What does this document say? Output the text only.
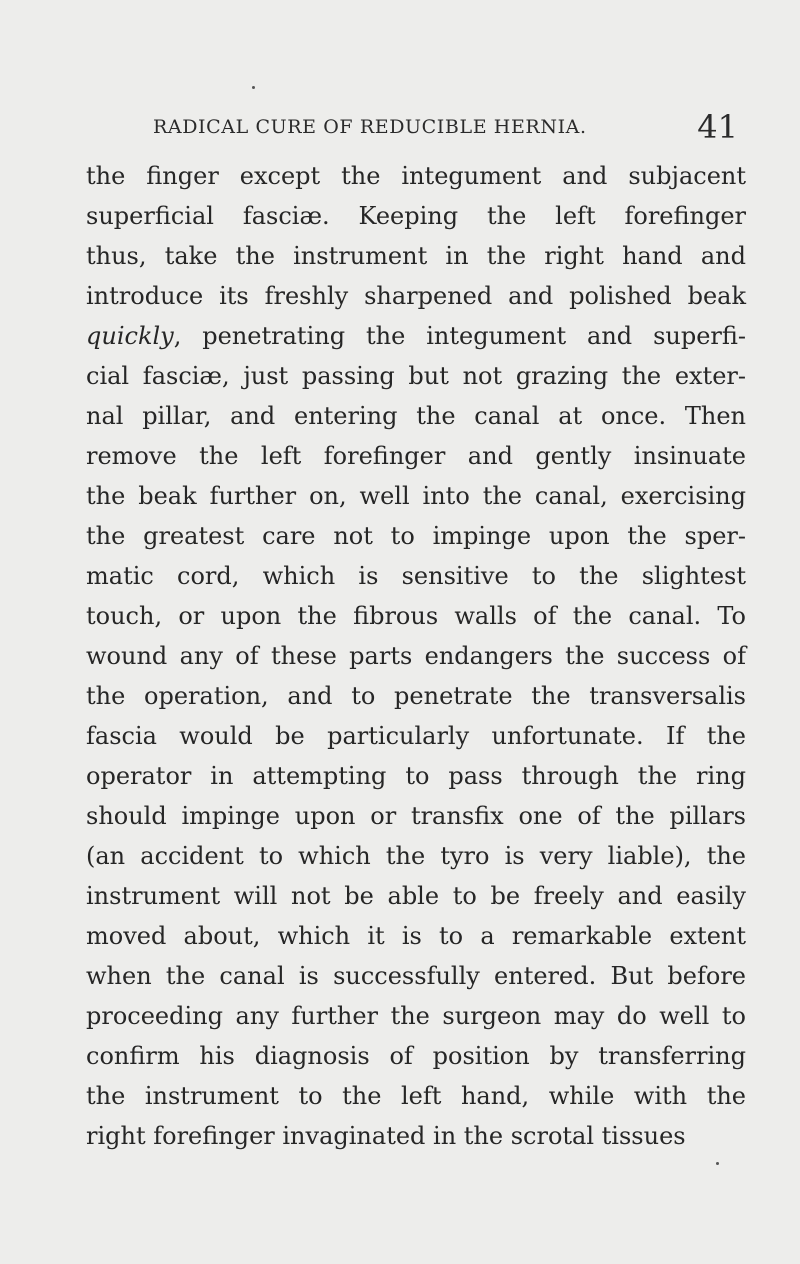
RADICAL CURE OF REDUCIBLE HERNIA.	41
the finger except the integument and subjacent
superficial fasciæ. Keeping the left forefinger
thus, take the instrument in the right hand and
introduce its freshly sharpened and polished beak
quickly, penetrating the integument and superfi-
cial fasciæ, just passing but not grazing the exter-
nal pillar, and entering the canal at once. Then
remove the left forefinger and gently insinuate
the beak further on, well into the canal, exercising
the greatest care not to impinge upon the sper-
matic cord, which is sensitive to the slightest
touch, or upon the fibrous walls of the canal. To
wound any of these parts endangers the success of
the operation, and to penetrate the transversalis
fascia would be particularly unfortunate. If the
operator in attempting to pass through the ring
should impinge upon or transfix one of the pillars
(an accident to which the tyro is very liable), the
instrument will not be able to be freely and easily
moved about, which it is to a remarkable extent
when the canal is successfully entered. But before
proceeding any further the surgeon may do well to
confirm his diagnosis of position by transferring
the instrument to the left hand, while with the
right forefinger invaginated in the scrotal tissues
